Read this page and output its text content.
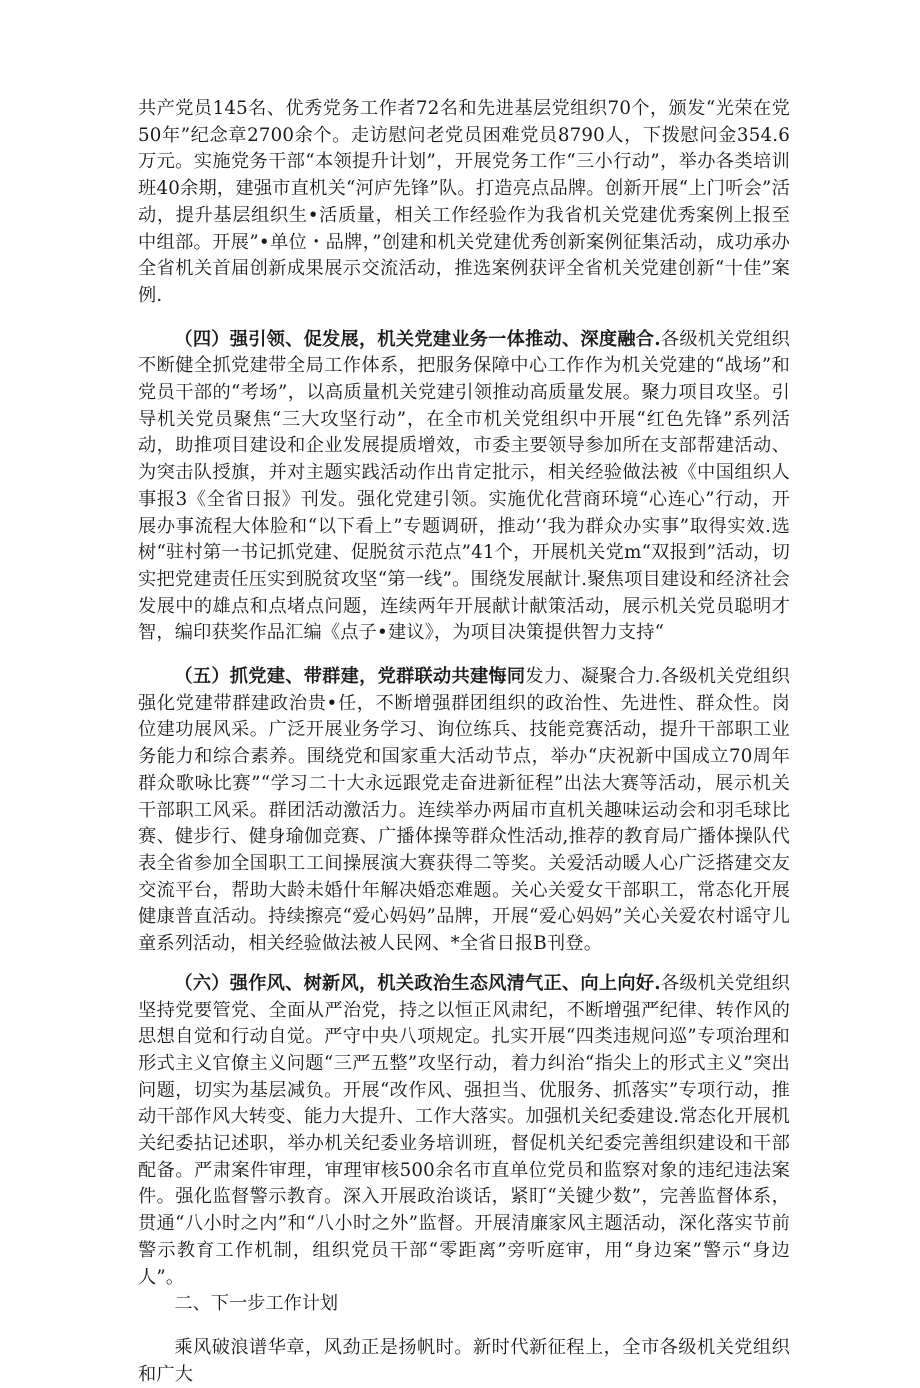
共产党员145名、优秀党务工作者72名和先进基层党组织70个，颁发“光荣在党50年”纪念章2700余个。走访慰问老党员困难党员8790人，下拨慰问金354.6万元。实施党务干部“本领提升计划”，开展党务工作“三小行动”，举办各类培训班40余期，建强市直机关“河庐先锋”队。打造亮点品牌。创新开展“上门听会”活动，提升基层组织生•活质量，相关工作经验作为我省机关党建优秀案例上报至中组部。开展”•单位・品牌，”创建和机关党建优秀创新案例征集活动，成功承办全省机关首届创新成果展示交流活动，推选案例获评全省机关党建创新“十佳”案例.

（四）强引领、促发展，机关党建业务一体推动、深度融合.各级机关党组织不断健全抓党建带全局工作体系，把服务保障中心工作作为机关党建的“战场”和党员干部的“考场”，以高质量机关党建引领推动高质量发展。聚力项目攻坚。引导机关党员聚焦“三大攻坚行动”，在全市机关党组织中开展“红色先锋”系列活动，助推项目建设和企业发展提质增效，市委主要领导参加所在支部帮建活动、为突击队授旗，并对主题实践活动作出肯定批示，相关经验做法被《中国组织人事报3《全省日报》刊发。强化党建引领。实施优化营商环境“心连心”行动，开展办事流程大体脸和“以下看上”专题调研，推动’‘我为群众办实事”取得实效.选树“驻村第一书记抓党建、促脱贫示范点”41个，开展机关党m“双报到”活动，切实把党建责任压实到脱贫攻坚“第一线”。围绕发展献计.聚焦项目建设和经济社会发展中的雄点和点堵点问题，连续两年开展献计献策活动，展示机关党员聪明才智，编印获奖作品汇编《点子•建议》，为项目决策提供智力支持“

（五）抓党建、带群建，党群联动共建悔同发力、凝聚合力.各级机关党组织强化党建带群建政治贵•任，不断增强群团组织的政治性、先进性、群众性。岗位建功展风采。广泛开展业务学习、询位练兵、技能竞赛活动，提升干部职工业务能力和综合素养。围绕党和国家重大活动节点，举办“庆祝新中国成立70周年群众歌咏比赛”“学习二十大永远跟党走奋进新征程”出法大赛等活动，展示机关干部职工风采。群团活动激活力。连续举办两届市直机关趣味运动会和羽毛球比赛、健步行、健身瑜伽竞赛、广播体操等群众性活动,推荐的教育局广播体操队代表全省参加全国职工工间操展演大赛获得二等奖。关爱活动暖人心广泛搭建交友交流平台，帮助大龄未婚什年解决婚恋难题。关心关爱女干部职工，常态化开展健康普直活动。持续擦亮“爱心妈妈”品牌，开展“爱心妈妈”关心关爱农村谣守儿童系列活动，相关经验做法被人民网、*全省日报B刊登。

（六）强作风、树新风，机关政治生态风清气正、向上向好.各级机关党组织坚持党要管党、全面从严治党，持之以恒正风肃纪，不断增强严纪律、转作风的思想自觉和行动自觉。严守中央八项规定。扎实开展“四类违规问巡”专项治理和形式主义官僚主义问题“三严五整”攻坚行动，着力纠治“指尖上的形式主义”突出问题，切实为基层减负。开展“改作风、强担当、优服务、抓落实”专项行动，推动干部作风大转变、能力大提升、工作大落实。加强机关纪委建设.常态化开展机关纪委拈记述职，举办机关纪委业务培训班，督促机关纪委完善组织建设和干部配备。严肃案件审理，审理审核500余名市直单位党员和监察对象的违纪违法案件。强化监督警示教育。深入开展政治谈话，紧盯“关键少数”，完善监督体系，贯通“八小时之内”和“八小时之外”监督。开展清廉家风主题活动，深化落实节前警示教育工作机制，组织党员干部“零距离”旁听庭审，用“身边案”警示“身边人”。

二、下一步工作计划

乘风破浪谱华章，风劲正是扬帆时。新时代新征程上，全市各级机关党组织和广大
